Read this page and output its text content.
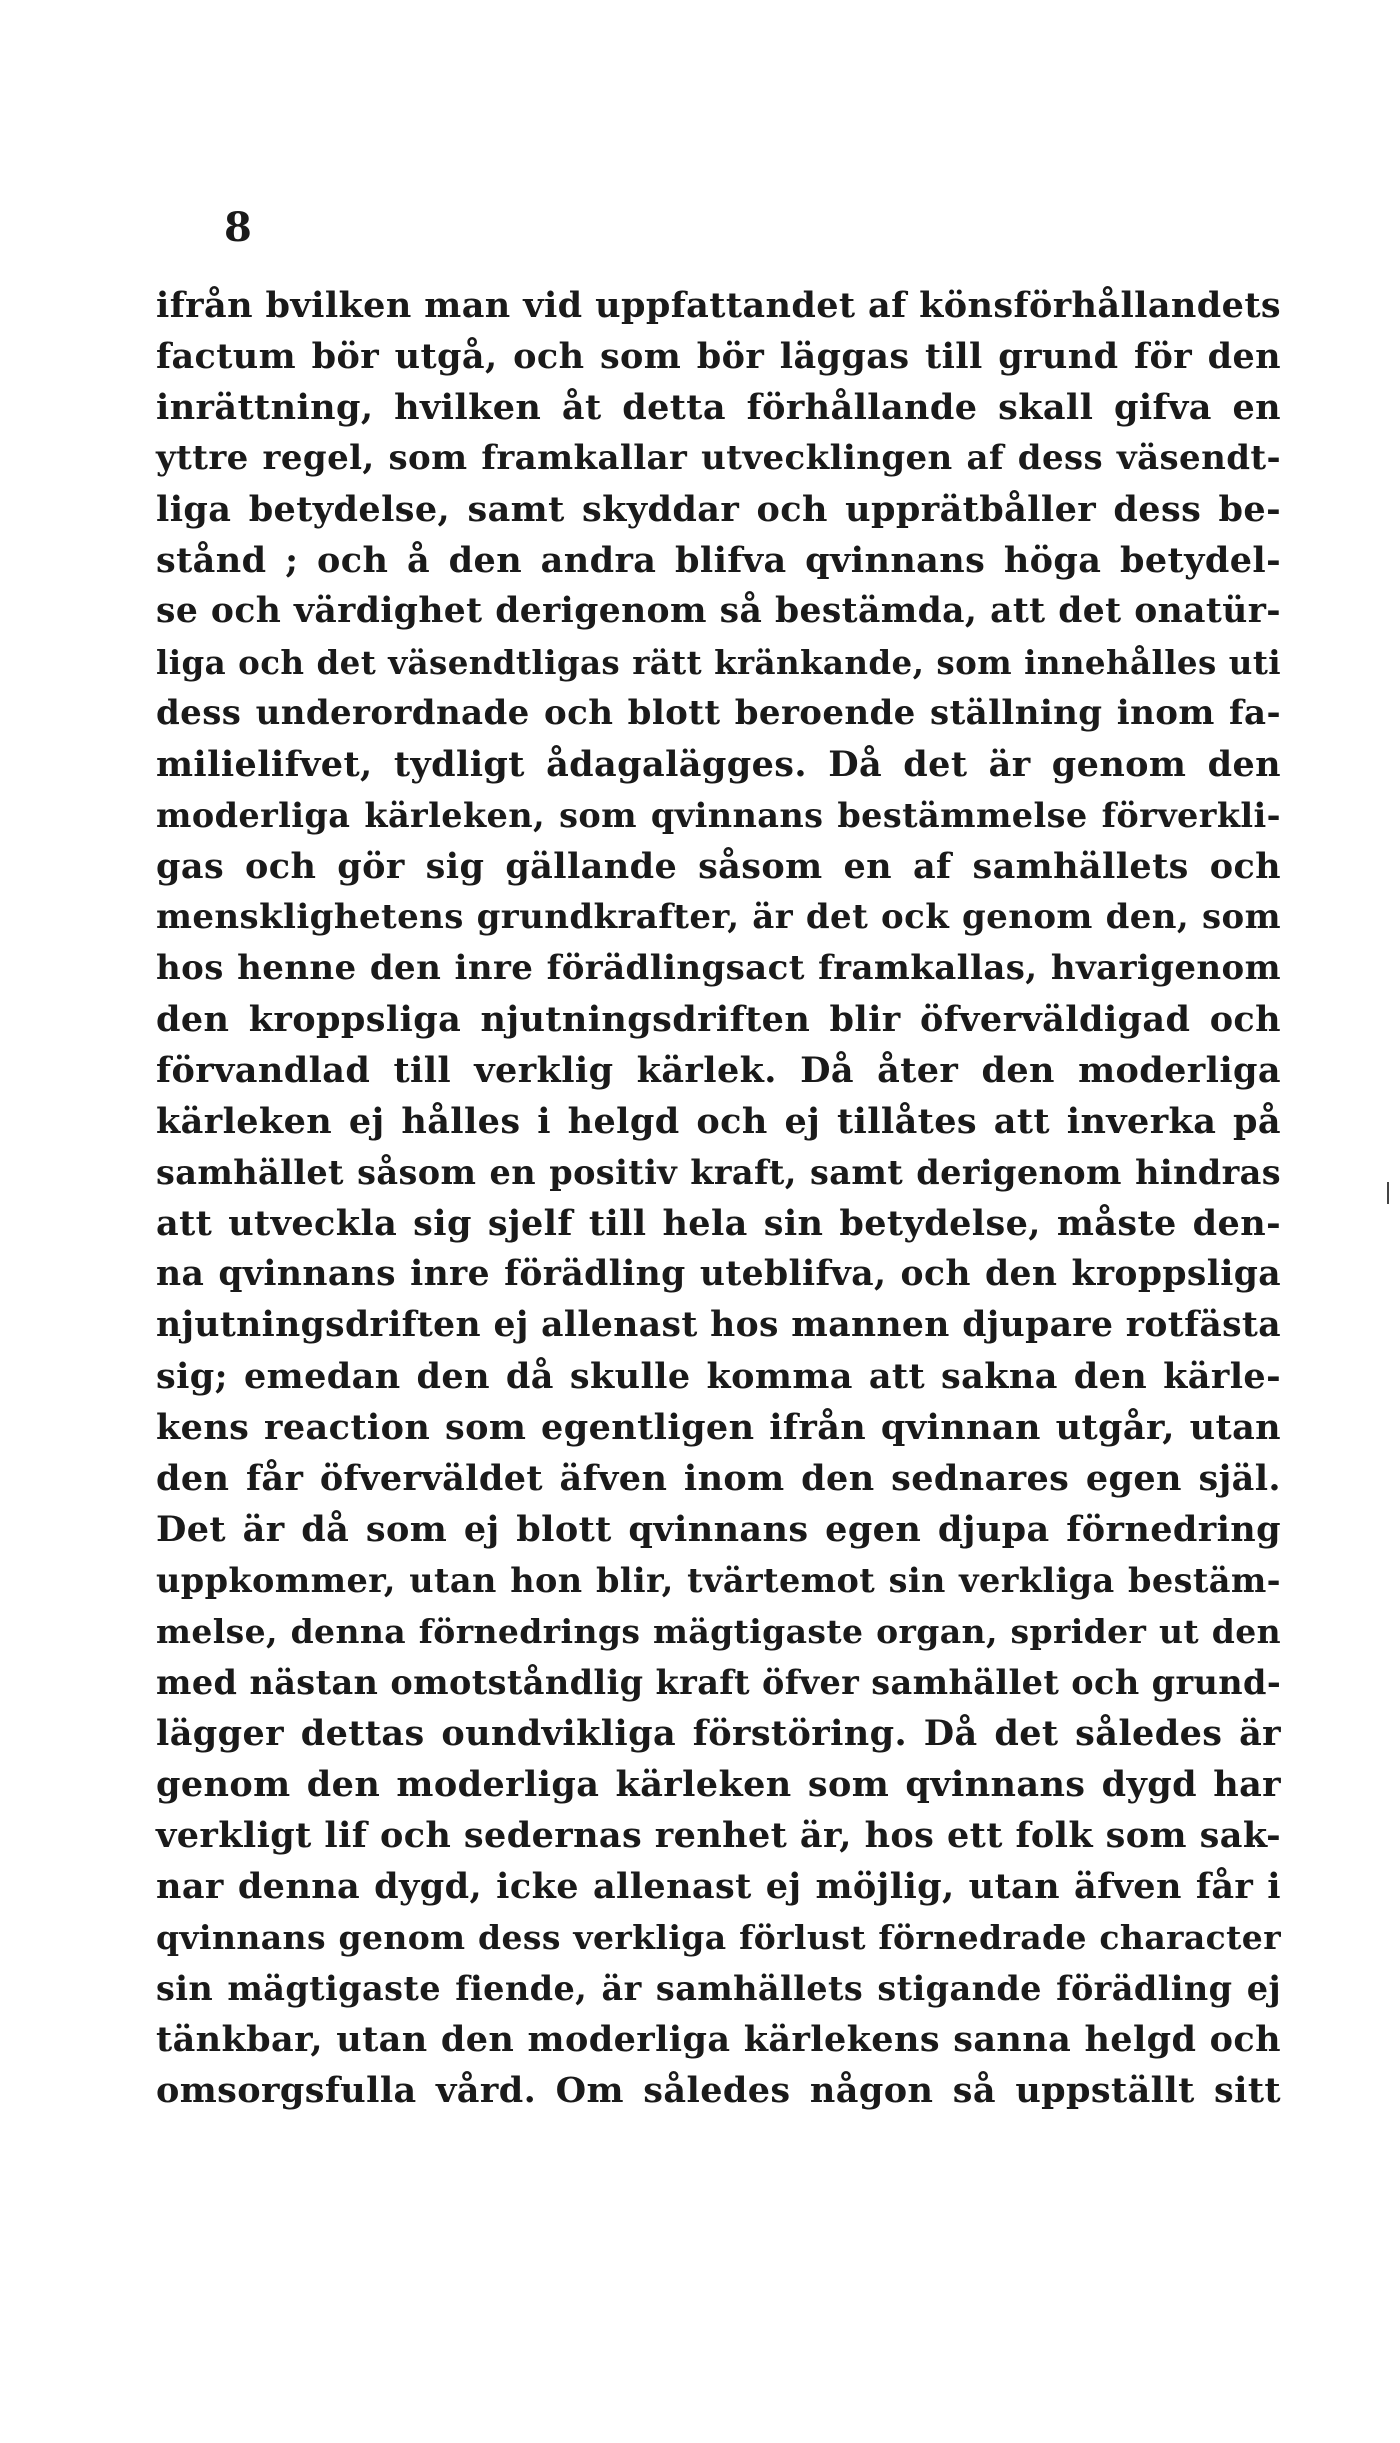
8
ifrån bvilken man vid uppfattandet af könsförhållandets
factum bör utgå, och som bör läggas till grund för den
inrättning, hvilken åt detta förhållande skall gifva en
yttre regel, som framkallar utvecklingen af dess väsendt-
liga betydelse, samt skyddar och upprätbåller dess be-
stånd ; och å den andra blifva qvinnans höga betydel-
se och värdighet derigenom så bestämda, att det onatür-
liga och det väsendtligas rätt kränkande, som innehålles uti
dess underordnade och blott beroende ställning inom fa-
milielifvet, tydligt ådagalägges. Då det är genom den
moderliga kärleken, som qvinnans bestämmelse förverkli-
gas och gör sig gällande såsom en af samhällets och
mensklighetens grundkrafter, är det ock genom den, som
hos henne den inre förädlingsact framkallas, hvarigenom
den kroppsliga njutningsdriften blir öfverväldigad och
förvandlad till verklig kärlek. Då åter den moderliga
kärleken ej hålles i helgd och ej tillåtes att inverka på
samhället såsom en positiv kraft, samt derigenom hindras
att utveckla sig sjelf till hela sin betydelse, måste den-
na qvinnans inre förädling uteblifva, och den kroppsliga
njutningsdriften ej allenast hos mannen djupare rotfästa
sig; emedan den då skulle komma att sakna den kärle-
kens reaction som egentligen ifrån qvinnan utgår, utan
den får öfverväldet äfven inom den sednares egen själ.
Det är då som ej blott qvinnans egen djupa förnedring
uppkommer, utan hon blir, tvärtemot sin verkliga bestäm-
melse, denna förnedrings mägtigaste organ, sprider ut den
med nästan omotståndlig kraft öfver samhället och grund-
lägger dettas oundvikliga förstöring. Då det således är
genom den moderliga kärleken som qvinnans dygd har
verkligt lif och sedernas renhet är, hos ett folk som sak-
nar denna dygd, icke allenast ej möjlig, utan äfven får i
qvinnans genom dess verkliga förlust förnedrade character
sin mägtigaste fiende, är samhällets stigande förädling ej
tänkbar, utan den moderliga kärlekens sanna helgd och
omsorgsfulla vård. Om således någon så uppställt sitt
